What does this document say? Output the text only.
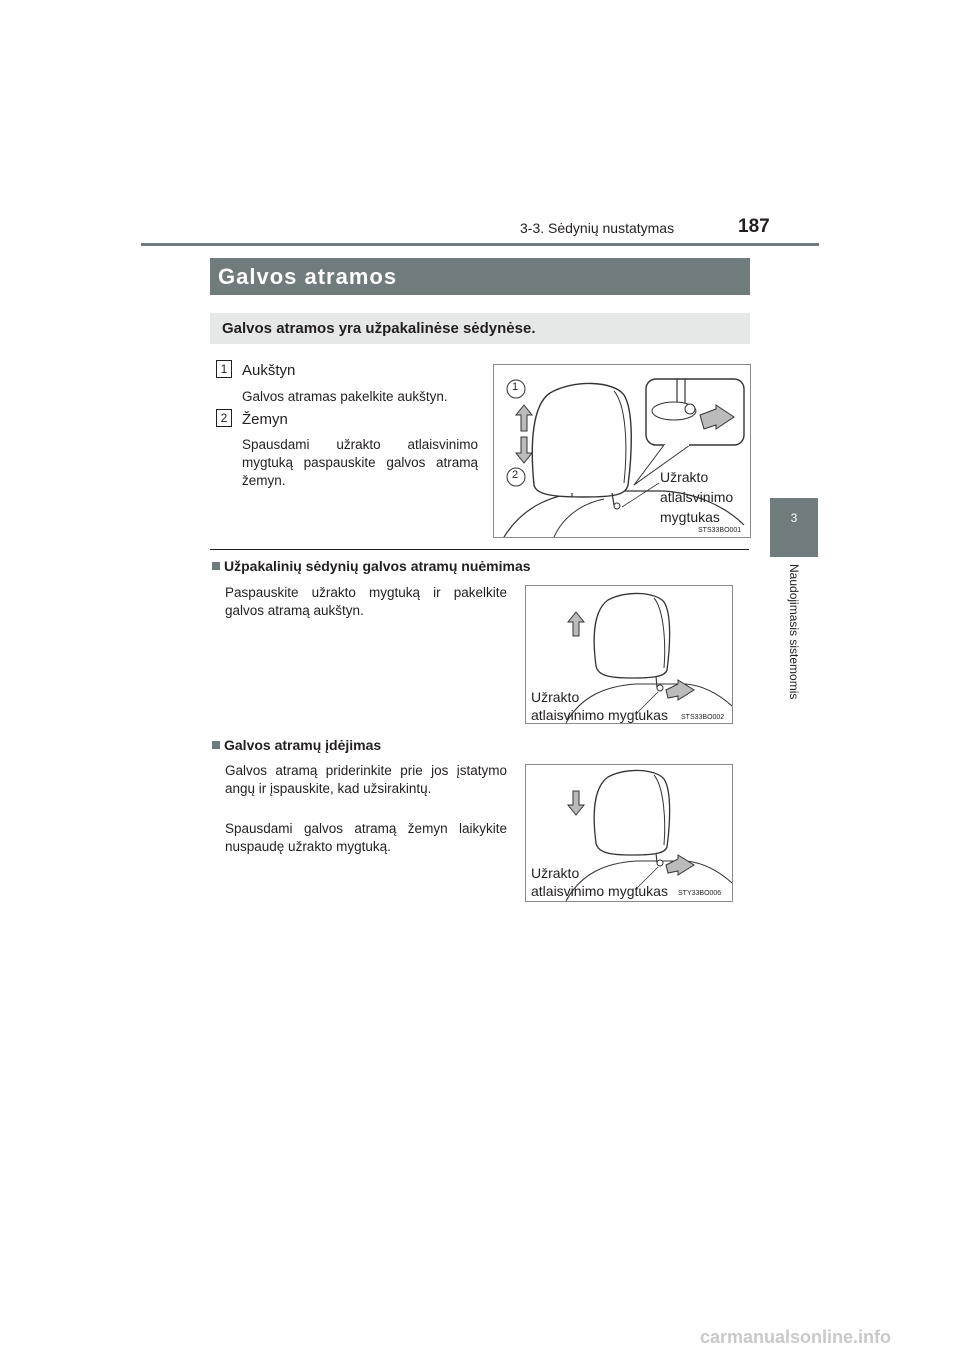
3-3. Sėdynių nustatymas	187
3
Naudojimasis sistemomis
Galvos atramos
Galvos atramos yra užpakalinėse sėdynėse.
1 Aukštyn
Galvos atramas pakelkite aukštyn.
2 Žemyn
Spausdami užrakto atlaisvinimo mygtuką paspauskite galvos atramą žemyn.
1
2	Užrakto
atlaisvinimo
mygtukas
STS33BO001
Užpakalinių sėdynių galvos atramų nuėmimas
Paspauskite užrakto mygtuką ir pakelkite galvos atramą aukštyn.
Užrakto
atlaisvinimo mygtukas STS33BO002
Galvos atramų įdėjimas
Galvos atramą priderinkite prie jos įstatymo angų ir įspauskite, kad užsirakintų.
Spausdami galvos atramą žemyn laikykite nuspaudę užrakto mygtuką.
Užrakto
atlaisvinimo mygtukas STY33BO006
carmanualsonline.info
